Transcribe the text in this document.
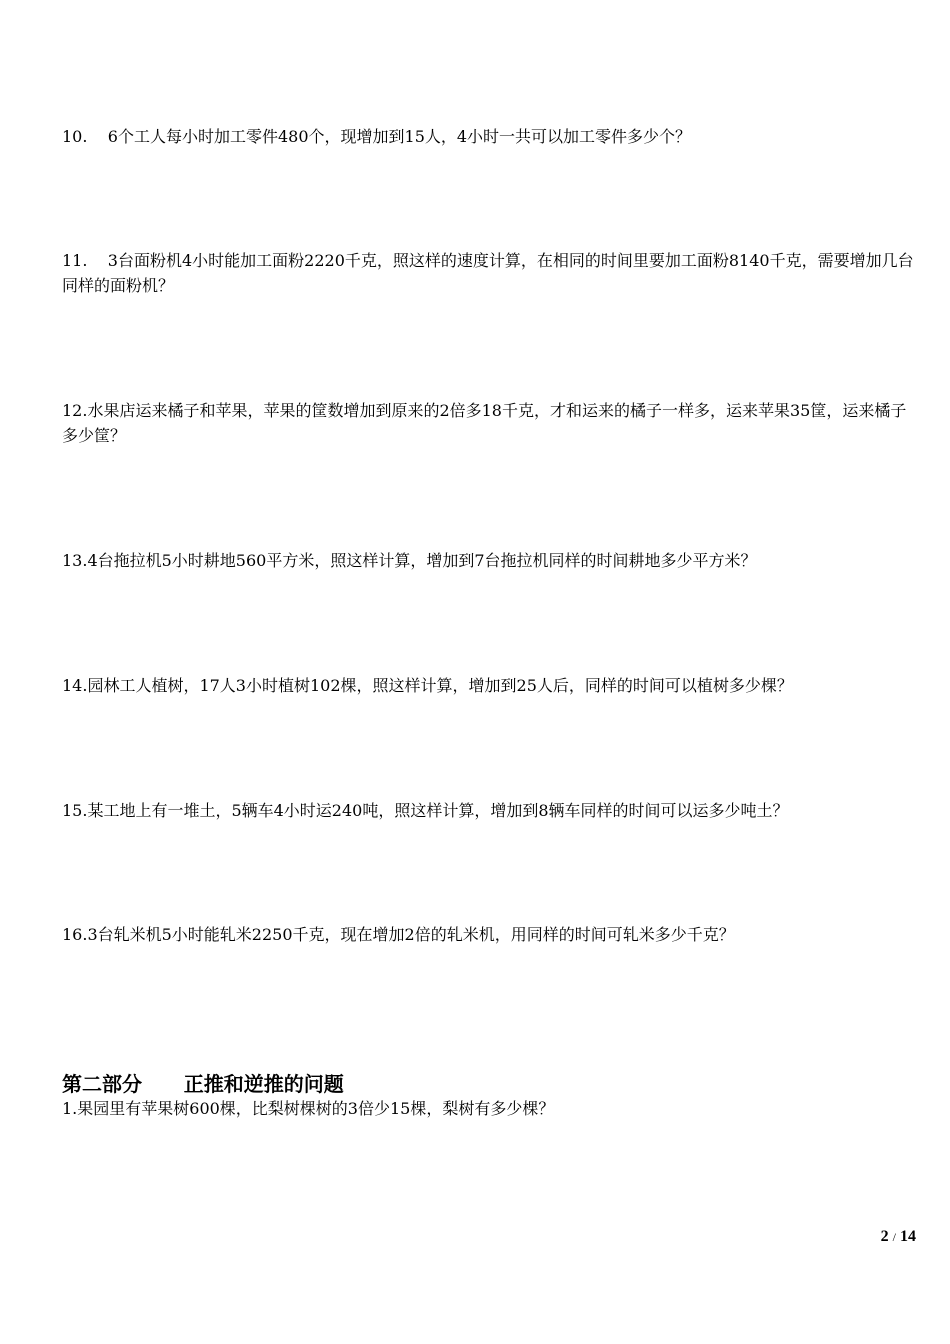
10.    6个工人每小时加工零件480个，现增加到15人，4小时一共可以加工零件多少个？

11.    3台面粉机4小时能加工面粉2220千克，照这样的速度计算，在相同的时间里要加工面粉8140千克，需要增加几台同样的面粉机？

12.水果店运来橘子和苹果，苹果的筐数增加到原来的2倍多18千克，才和运来的橘子一样多，运来苹果35筐，运来橘子多少筐？

13.4台拖拉机5小时耕地560平方米，照这样计算，增加到7台拖拉机同样的时间耕地多少平方米？

14.园林工人植树，17人3小时植树102棵，照这样计算，增加到25人后，同样的时间可以植树多少棵？

15.某工地上有一堆土，5辆车4小时运240吨，照这样计算，增加到8辆车同样的时间可以运多少吨土？

16.3台轧米机5小时能轧米2250千克，现在增加2倍的轧米机，用同样的时间可轧米多少千克？

第二部分      正推和逆推的问题

1.果园里有苹果树600棵，比梨树棵树的3倍少15棵，梨树有多少棵？

2 / 14
